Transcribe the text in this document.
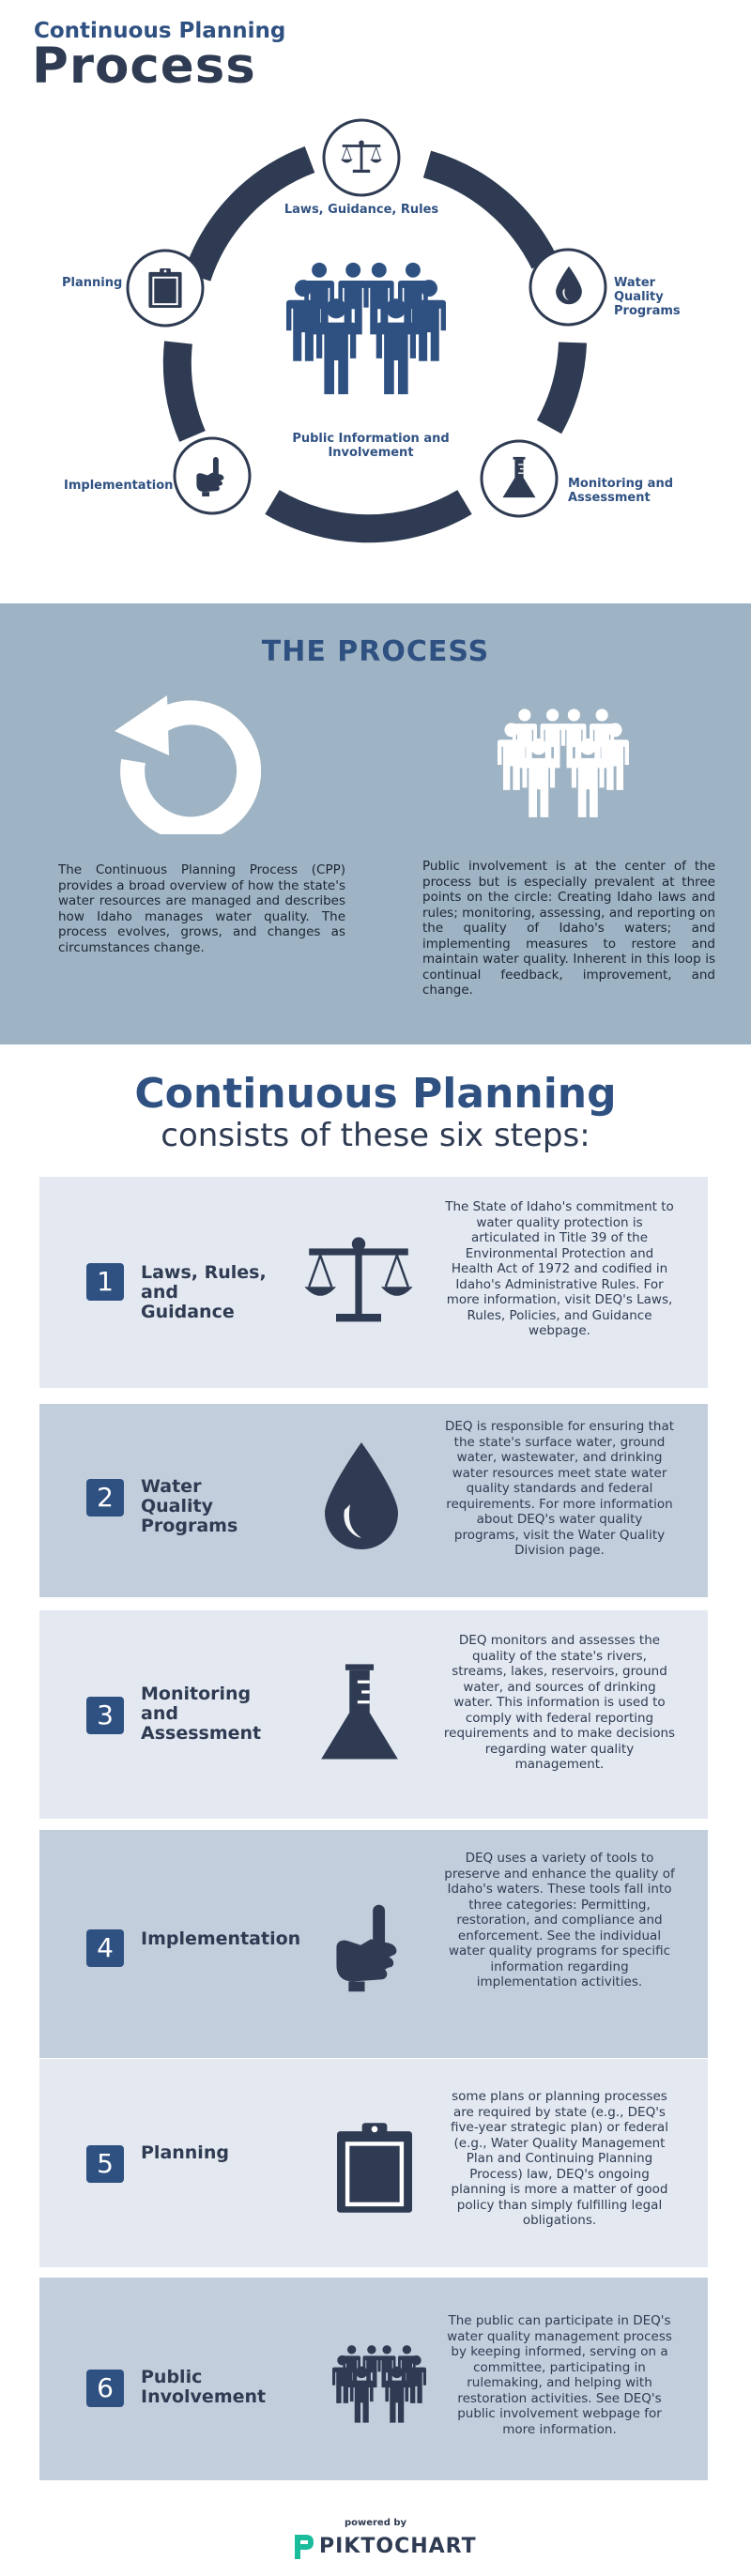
Continuous Planning
Process
Laws, Guidance, Rules
Water Quality Programs
Monitoring and Assessment
Implementation
Planning
Public Information and Involvement
THE PROCESS
The Continuous Planning Process (CPP) provides a broad overview of how the state's water resources are managed and describes how Idaho manages water quality. The process evolves, grows, and changes as circumstances change.
Public involvement is at the center of the process but is especially prevalent at three points on the circle: Creating Idaho laws and rules; monitoring, assessing, and reporting on the quality of Idaho's waters; and implementing measures to restore and maintain water quality. Inherent in this loop is continual feedback, improvement, and change.
Continuous Planning
consists of these six steps:
1	Laws, Rules, and Guidance
The State of Idaho's commitment to water quality protection is articulated in Title 39 of the Environmental Protection and Health Act of 1972 and codified in Idaho's Administrative Rules. For more information, visit DEQ's Laws, Rules, Policies, and Guidance webpage.
2	Water Quality Programs
DEQ is responsible for ensuring that the state's surface water, ground water, wastewater, and drinking water resources meet state water quality standards and federal requirements. For more information about DEQ's water quality programs, visit the Water Quality Division page.
3
Monitoring and Assessment
DEQ monitors and assesses the quality of the state's rivers, streams, lakes, reservoirs, ground water, and sources of drinking water. This information is used to comply with federal reporting requirements and to make decisions regarding water quality management.
4	Implementation
DEQ uses a variety of tools to preserve and enhance the quality of Idaho's waters. These tools fall into three categories: Permitting, restoration, and compliance and enforcement. See the individual water quality programs for specific information regarding implementation activities.
5	Planning
some plans or planning processes are required by state (e.g., DEQ's five-year strategic plan) or federal (e.g., Water Quality Management Plan and Continuing Planning Process) law, DEQ's ongoing planning is more a matter of good policy than simply fulfilling legal obligations.
6	Public Involvement
The public can participate in DEQ's water quality management process by keeping informed, serving on a committee, participating in rulemaking, and helping with restoration activities. See DEQ's public involvement webpage for more information.
powered by
PIKTOCHART
